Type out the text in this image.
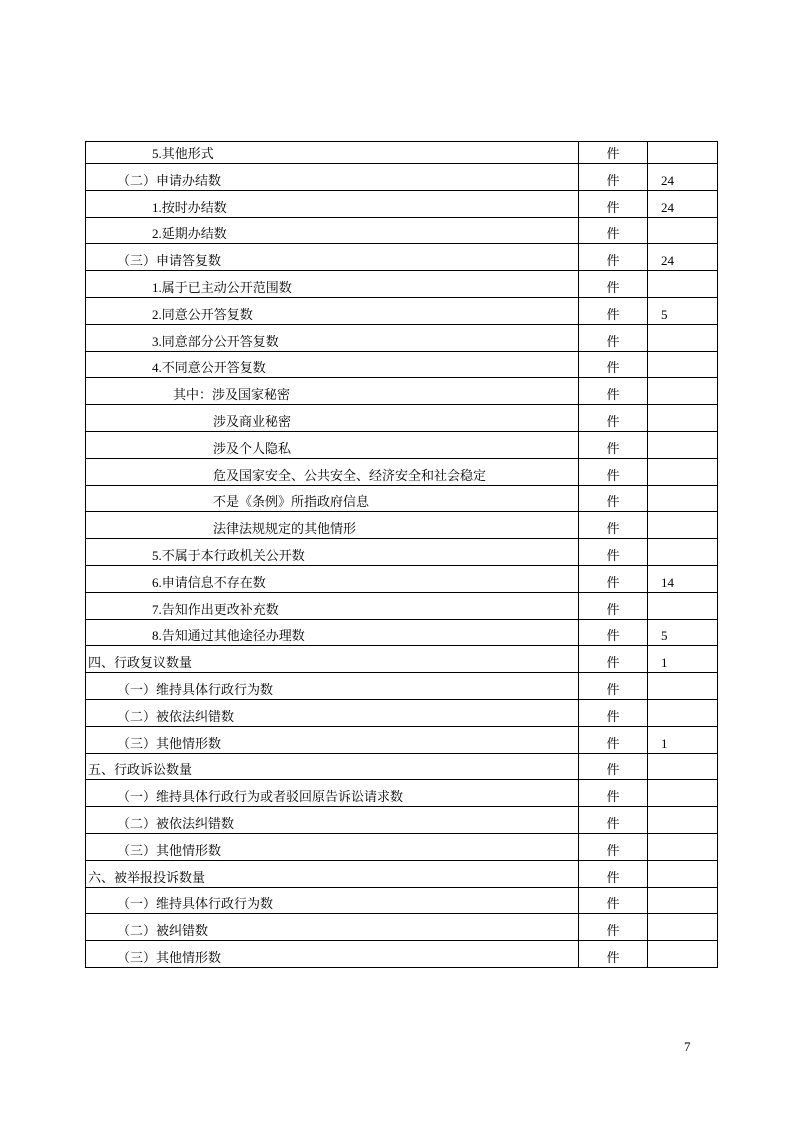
5.其他形式	件	
（二）申请办结数	件	24
1.按时办结数	件	24
2.延期办结数	件	
（三）申请答复数	件	24
1.属于已主动公开范围数	件	
2.同意公开答复数	件	5
3.同意部分公开答复数	件	
4.不同意公开答复数	件	
其中：涉及国家秘密	件	
涉及商业秘密	件	
涉及个人隐私	件	
危及国家安全、公共安全、经济安全和社会稳定	件	
不是《条例》所指政府信息	件	
法律法规规定的其他情形	件	
5.不属于本行政机关公开数	件	
6.申请信息不存在数	件	14
7.告知作出更改补充数	件	
8.告知通过其他途径办理数	件	5
四、行政复议数量	件	1
（一）维持具体行政行为数	件	
（二）被依法纠错数	件	
（三）其他情形数	件	1
五、行政诉讼数量	件	
（一）维持具体行政行为或者驳回原告诉讼请求数	件	
（二）被依法纠错数	件	
（三）其他情形数	件	
六、被举报投诉数量	件	
（一）维持具体行政行为数	件	
（二）被纠错数	件	
（三）其他情形数	件	
7
